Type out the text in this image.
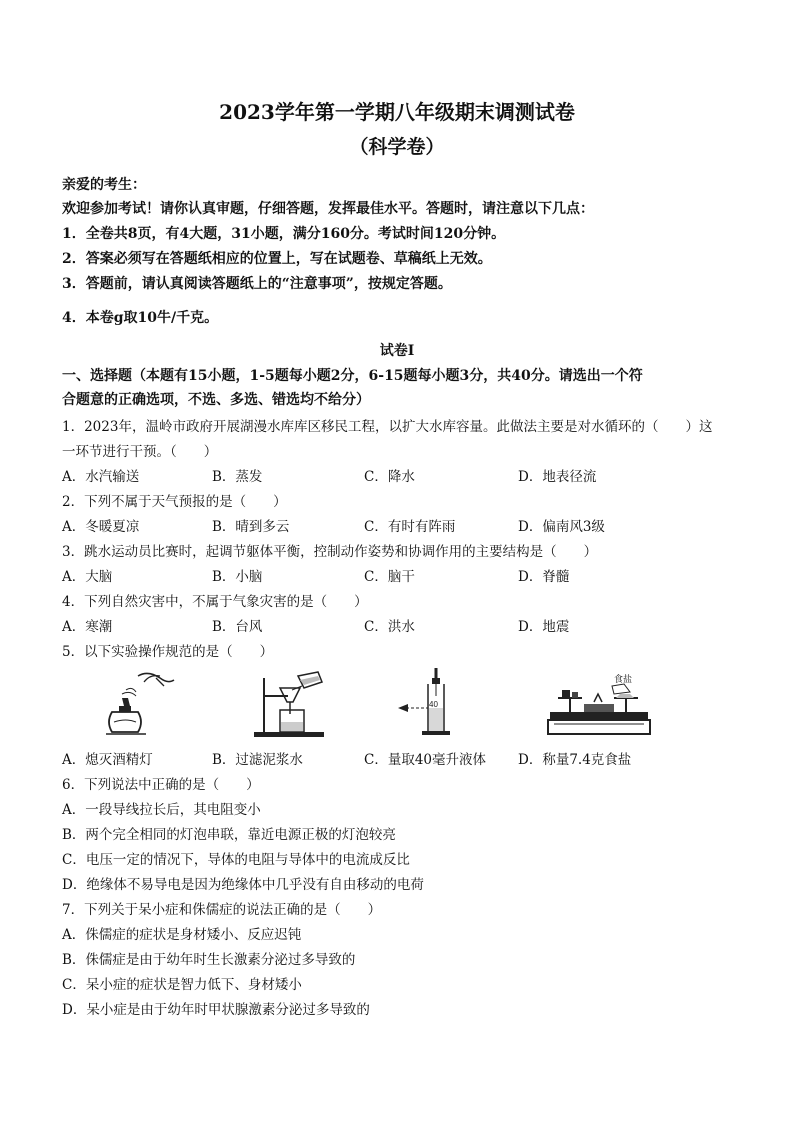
2023学年第一学期八年级期末调测试卷
（科学卷）
亲爱的考生：
欢迎参加考试！请你认真审题，仔细答题，发挥最佳水平。答题时，请注意以下几点：
1．全卷共8页，有4大题，31小题，满分160分。考试时间120分钟。
2．答案必须写在答题纸相应的位置上，写在试题卷、草稿纸上无效。
3．答题前，请认真阅读答题纸上的“注意事项”，按规定答题。
4．本卷g取10牛/千克。
试卷Ⅰ
一、选择题（本题有15小题，1-5题每小题2分，6-15题每小题3分，共40分。请选出一个符
合题意的正确选项，不选、多选、错选均不给分）
1．2023年，温岭市政府开展湖漫水库库区移民工程，以扩大水库容量。此做法主要是对水循环的（　　）这
一环节进行干预。（　　）
A．水汽输送	B．蒸发	C．降水	D．地表径流
2．下列不属于天气预报的是（　　）
A．冬暖夏凉	B．晴到多云	C．有时有阵雨	D．偏南风3级
3．跳水运动员比赛时，起调节躯体平衡，控制动作姿势和协调作用的主要结构是（　　）
A．大脑	B．小脑	C．脑干	D．脊髓
4．下列自然灾害中，不属于气象灾害的是（　　）
A．寒潮	B．台风	C．洪水	D．地震
5．以下实验操作规范的是（　　）
40
食盐
A．熄灭酒精灯	B．过滤泥浆水	C．量取40毫升液体 D．称量7.4克食盐
6．下列说法中正确的是（　　）
A．一段导线拉长后，其电阻变小
B．两个完全相同的灯泡串联，靠近电源正极的灯泡较亮
C．电压一定的情况下，导体的电阻与导体中的电流成反比
D．绝缘体不易导电是因为绝缘体中几乎没有自由移动的电荷
7．下列关于呆小症和侏儒症的说法正确的是（　　）
A．侏儒症的症状是身材矮小、反应迟钝
B．侏儒症是由于幼年时生长激素分泌过多导致的
C．呆小症的症状是智力低下、身材矮小
D．呆小症是由于幼年时甲状腺激素分泌过多导致的
